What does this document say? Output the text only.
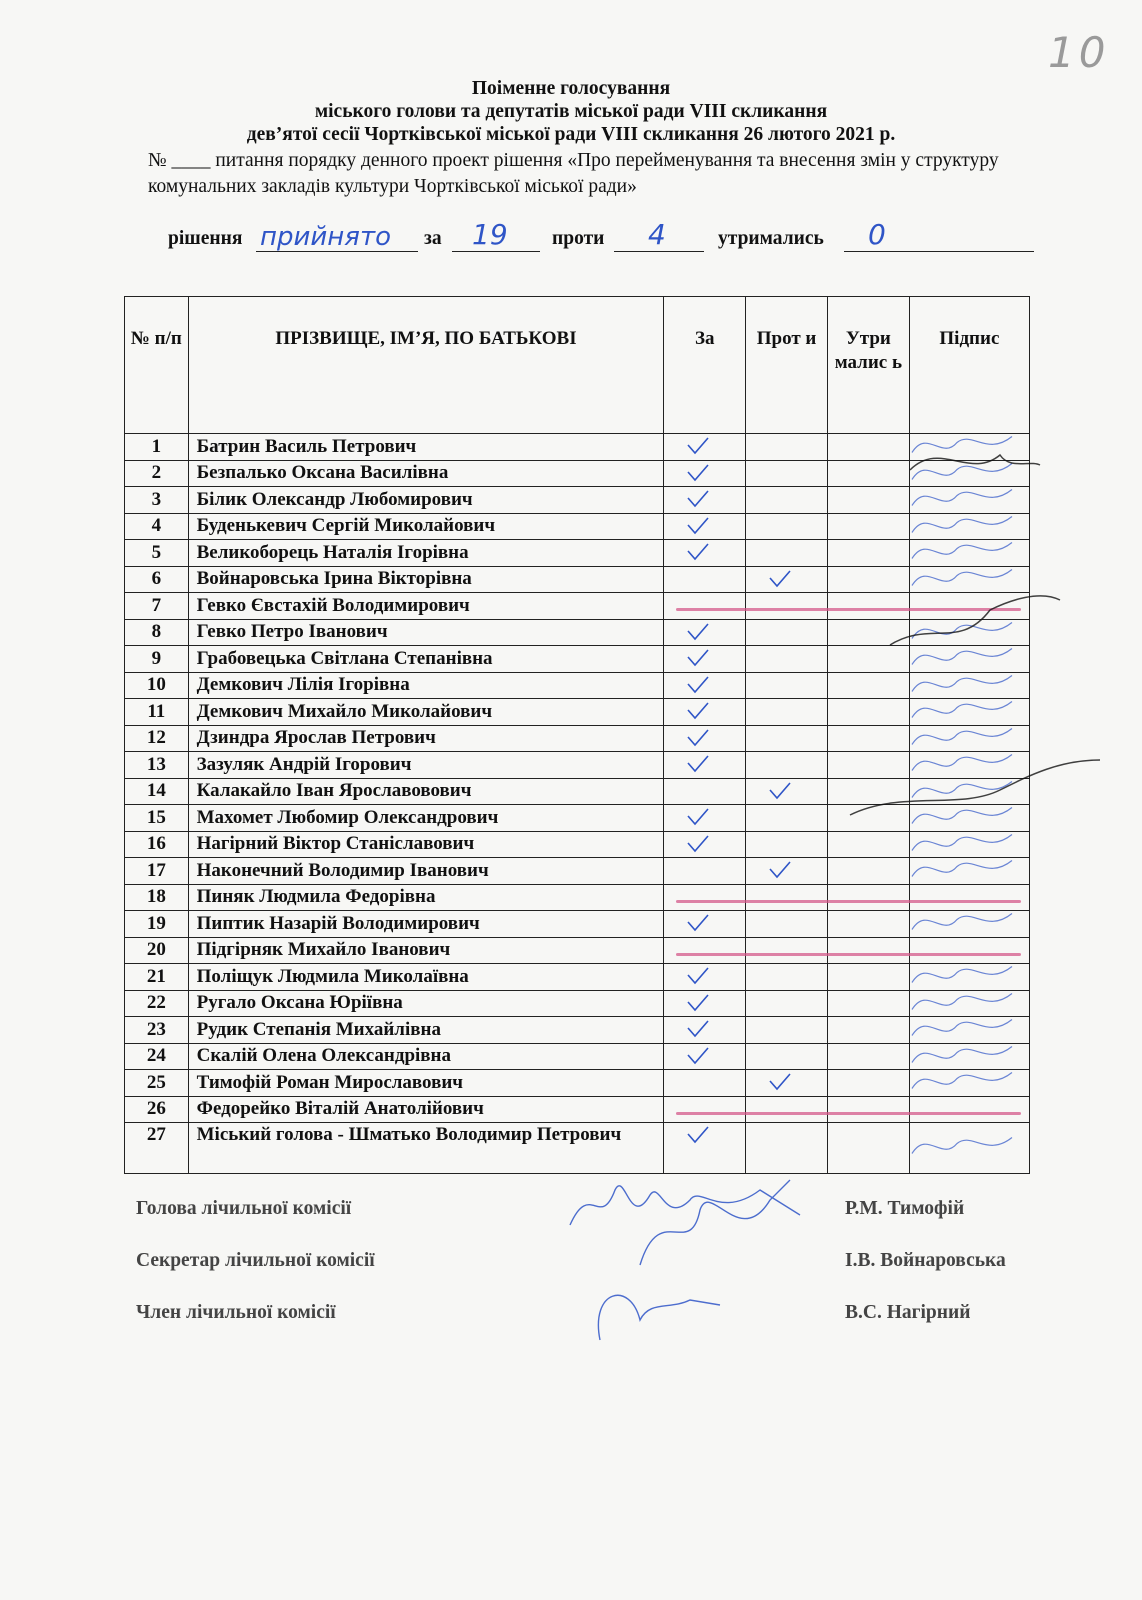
10
Поіменне голосування
міського голови та депутатів міської ради VIII скликання
дев’ятої сесії Чортківської міської ради VIII скликання 26 лютого 2021 р.
№ ____ питання порядку денного проект рішення «Про перейменування та внесення змін у структуру комунальних закладів культури Чортківської міської ради»
рішення прийнято за 19 проти 4	утримались 0
№ п/п	ПРІЗВИЩЕ, ІМ’Я, ПО БАТЬКОВІ	За	Прот и	Утри малис ь	Підпис
1	Батрин Василь Петрович	

2	Безпалько Оксана Василівна	

3	Білик Олександр Любомирович	

4	Буденькевич Сергій Миколайович	

5	Великоборець Наталія Ігорівна	

6	Войнаровська Ірина Вікторівна		

7	Гевко Євстахій Володимирович				
8	Гевко Петро Іванович	

9	Грабовецька Світлана Степанівна	

10	Демкович Лілія Ігорівна	

11	Демкович Михайло Миколайович	

12	Дзиндра Ярослав Петрович	

13	Зазуляк Андрій Ігорович	

14	Калакайло Іван Ярославовович		

15	Махомет Любомир Олександрович	

16	Нагірний Віктор Станіславович	

17	Наконечний Володимир Іванович		

18	Пиняк Людмила Федорівна				
19	Пиптик Назарій Володимирович	

20	Підгірняк Михайло Іванович				
21	Поліщук Людмила Миколаївна	

22	Ругало Оксана Юріївна	

23	Рудик Степанія Михайлівна	

24	Скалій Олена Олександрівна	

25	Тимофій Роман Мирославович		

26	Федорейко Віталій Анатолійович				
27	Міський голова - Шматько Володимир Петрович	

Голова лічильної комісії	Р.М. Тимофій
Секретар лічильної комісії	І.В. Войнаровська
Член лічильної комісії	В.С. Нагірний
